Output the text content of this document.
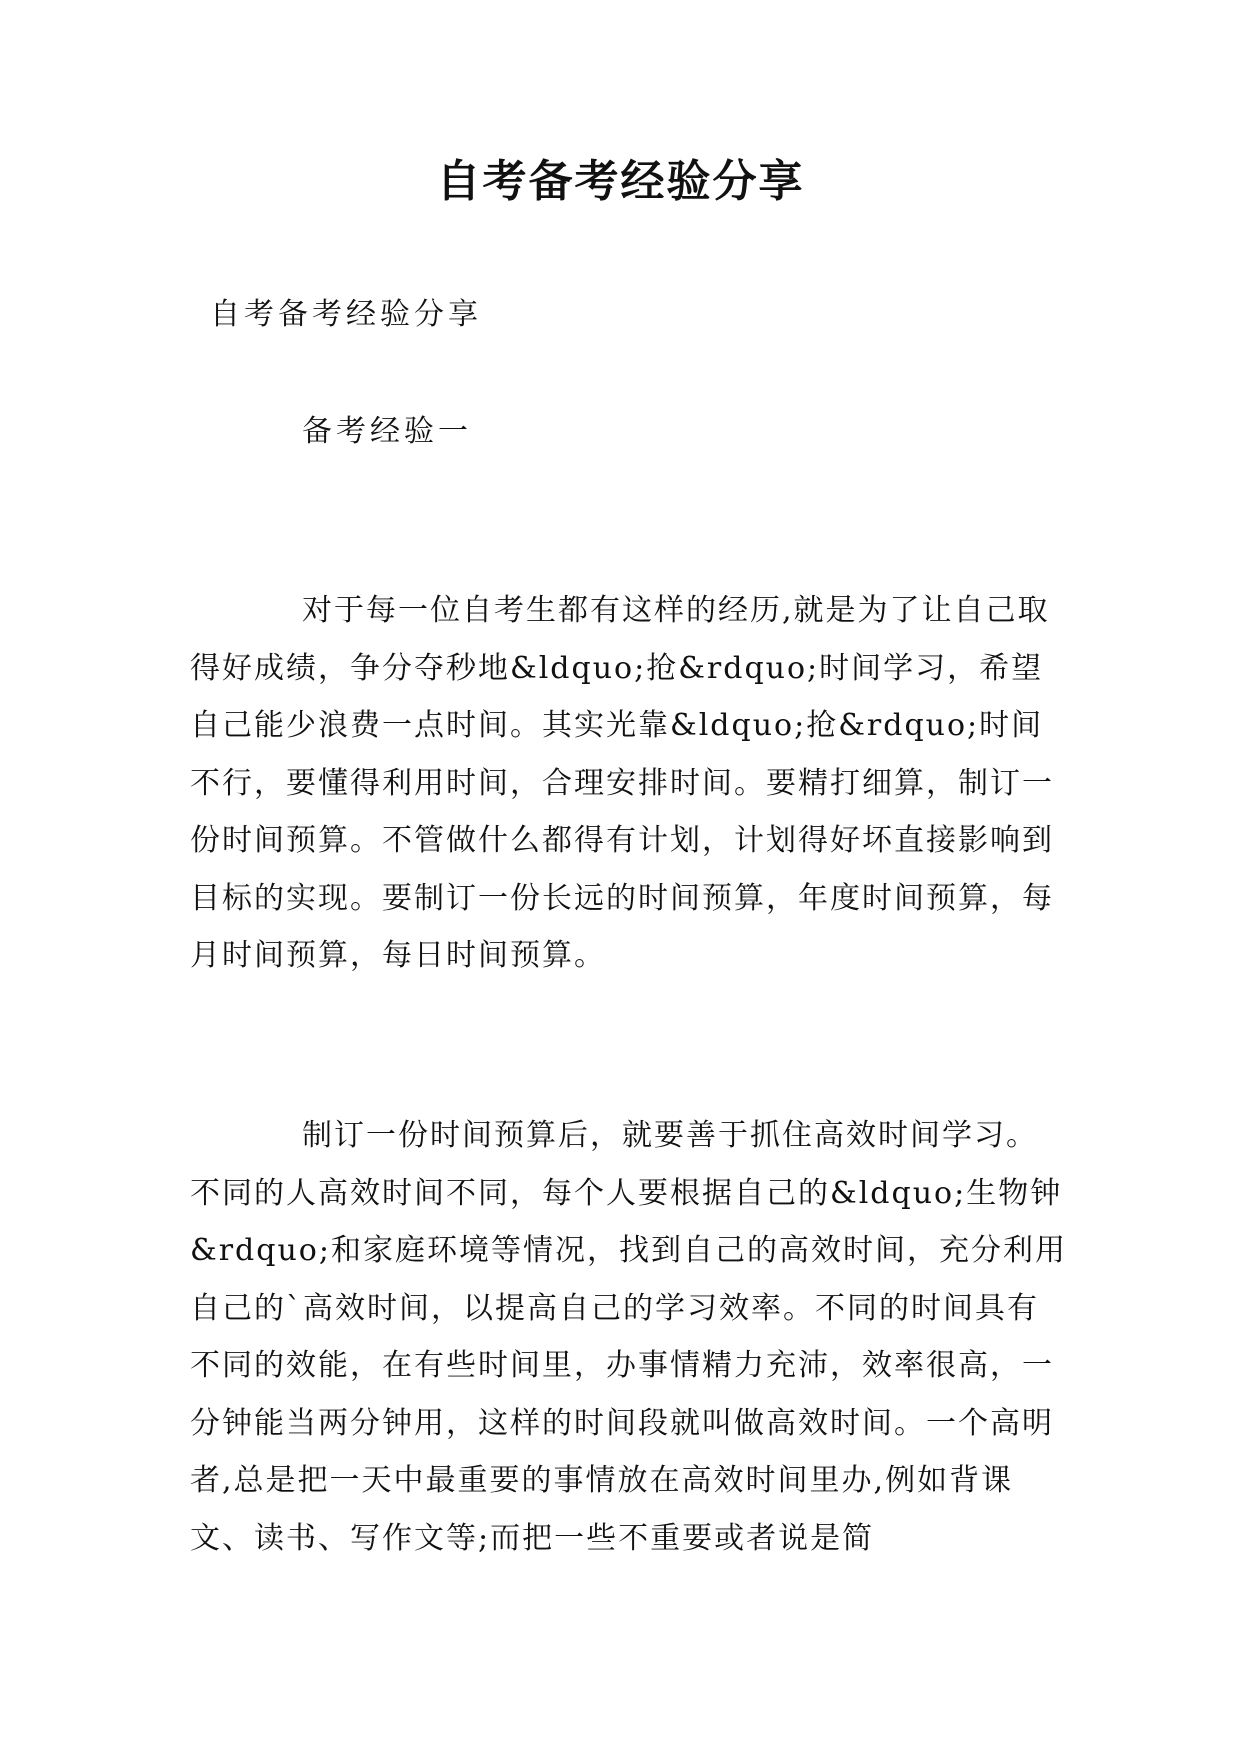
自考备考经验分享

自考备考经验分享

备考经验一

对于每一位自考生都有这样的经历,就是为了让自己取得好成绩，争分夺秒地&ldquo;抢&rdquo;时间学习，希望自己能少浪费一点时间。其实光靠&ldquo;抢&rdquo;时间不行，要懂得利用时间，合理安排时间。要精打细算，制订一份时间预算。不管做什么都得有计划，计划得好坏直接影响到目标的实现。要制订一份长远的时间预算，年度时间预算，每月时间预算，每日时间预算。

制订一份时间预算后，就要善于抓住高效时间学习。不同的人高效时间不同，每个人要根据自己的&ldquo;生物钟&rdquo;和家庭环境等情况，找到自己的高效时间，充分利用自己的`高效时间，以提高自己的学习效率。不同的时间具有不同的效能，在有些时间里，办事情精力充沛，效率很高，一分钟能当两分钟用，这样的时间段就叫做高效时间。一个高明者,总是把一天中最重要的事情放在高效时间里办,例如背课文、读书、写作文等;而把一些不重要或者说是简
